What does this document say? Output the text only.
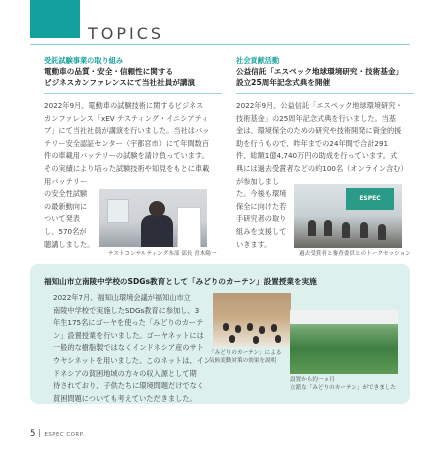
TOPICS
受託試験事業の取り組み
電動車の品質・安全・信頼性に関する
ビジネスカンファレンスにて当社社員が講演
2022年9月、電動車の試験技術に関するビジネス
カンファレンス「xEV テスティング・イニシアティ
ブ」にて当社社員が講演を行いました。当社はバッ
テリー安全認証センター（宇都宮市）にて年間数百
件の車載用バッテリーの試験を請け負っています。
その実績により培った試験技術や知見をもとに車載
用バッテリー
の安全性試験
の最新動向に
ついて発表
し、570名が
聴講しました。
テストコンサルティング本部 部長 青木陽一
社会貢献活動
公益信託「エスペック地球環境研究・技術基金」
設立25周年記念式典を開催
2022年9月、公益信託「エスペック地球環境研究・
技術基金」の25周年記念式典を行いました。当基
金は、環境保全のための研究や技術開発に資金的援
助を行うもので、昨年までの24年間で合計291
件、総額1億4,740万円の助成を行っています。式
典には過去受賞者などの約100名（オンライン含む）
が参加しまし
た。今後も環境
保全に向けた若
手研究者の取り
組みを支援して
いきます。
ESPEC
過去受賞者と審査委員とのトークセッション
福知山市立南陵中学校のSDGs教育として「みどりのカーテン」設置授業を実施
2022年7月、福知山環境会議が福知山市立
南陵中学校で実施したSDGs教育に参加し、3
年生175名にゴーヤを使った「みどりのカーテ
ン」設置授業を行いました。ゴーヤネットには
一般的な樹脂製ではなくインドネシア産のサト
ウヤシネットを用いました。このネットは、イン
ドネシアの貧困地域の方々の収入源として期
待されており、子供たちに環境問題だけでなく
貧困問題についても考えていただきました。
「みどりのカーテン」による
気候変動対策の効果を説明
設置から約一ヵ月
立派な「みどりのカーテン」ができました
5 ESPEC CORP.
